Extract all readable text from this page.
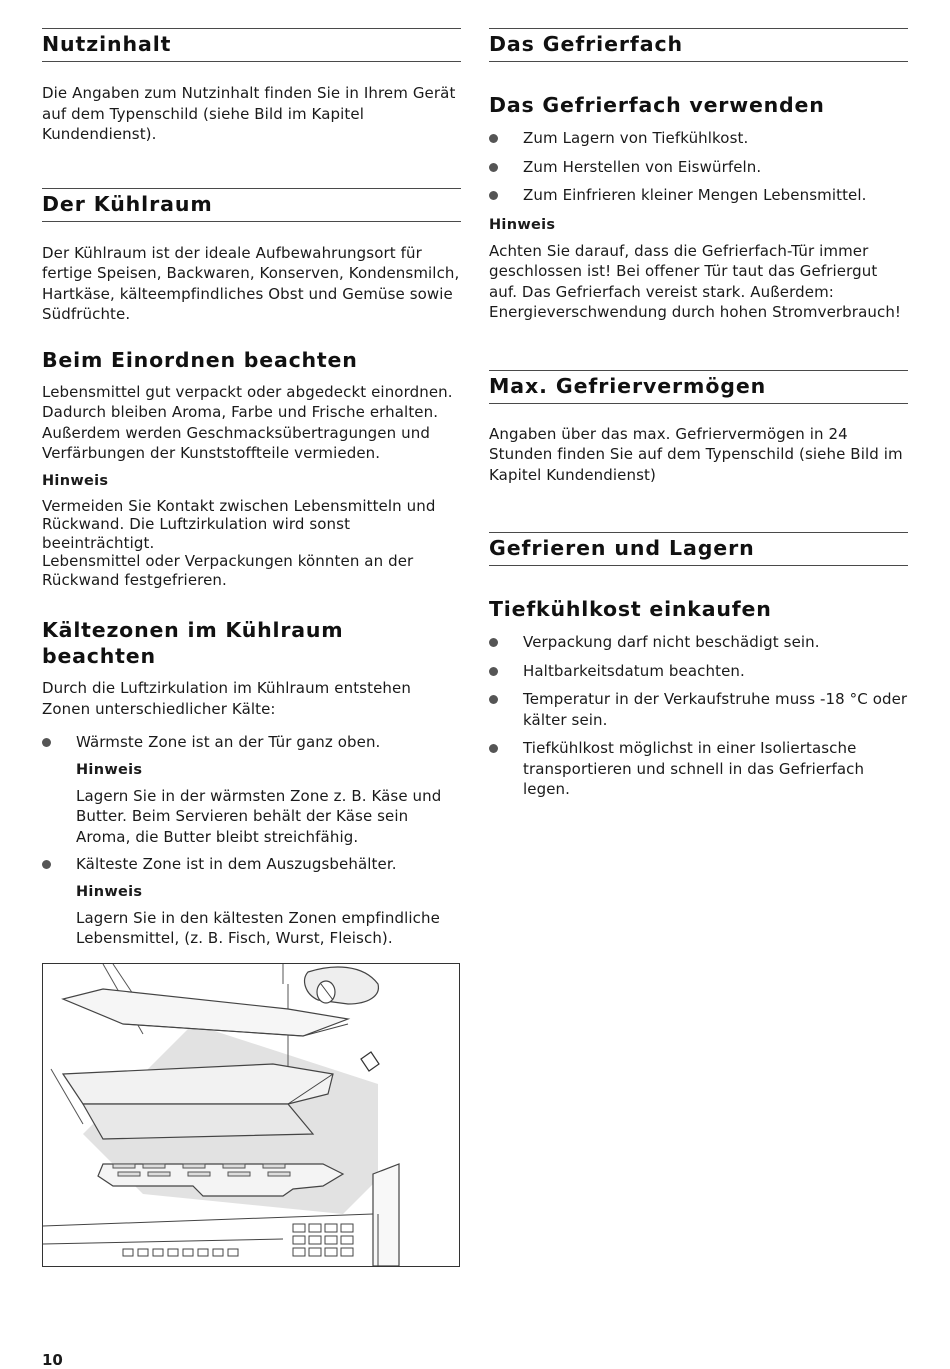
Nutzinhalt

Die Angaben zum Nutzinhalt finden Sie in Ihrem Gerät auf dem Typenschild (siehe Bild im Kapitel Kundendienst).

Der Kühlraum

Der Kühlraum ist der ideale Aufbewahrungsort für fertige Speisen, Backwaren, Konserven, Kondensmilch, Hartkäse, kälteempfindliches Obst und Gemüse sowie Südfrüchte.

Beim Einordnen beachten

Lebensmittel gut verpackt oder abgedeckt einordnen. Dadurch bleiben Aroma, Farbe und Frische erhalten. Außerdem werden Geschmacksübertragungen und Verfärbungen der Kunststoffteile vermieden.

Hinweis

Vermeiden Sie Kontakt zwischen Lebensmitteln und Rückwand. Die Luftzirkulation wird sonst beeinträchtigt.

Lebensmittel oder Verpackungen könnten an der Rückwand festgefrieren.

Kältezonen im Kühlraum beachten

Durch die Luftzirkulation im Kühlraum entstehen Zonen unterschiedlicher Kälte:

Wärmste Zone ist an der Tür ganz oben.

Hinweis

Lagern Sie in der wärmsten Zone z. B. Käse und Butter. Beim Servieren behält der Käse sein Aroma, die Butter bleibt streichfähig.

Kälteste Zone ist in dem Auszugsbehälter.

Hinweis

Lagern Sie in den kältesten Zonen empfindliche Lebensmittel, (z. B. Fisch, Wurst, Fleisch).

Das Gefrierfach
Das Gefrierfach verwenden
Zum Lagern von Tiefkühlkost.
Zum Herstellen von Eiswürfeln.
Zum Einfrieren kleiner Mengen Lebensmittel.

Hinweis

Achten Sie darauf, dass die Gefrierfach-Tür immer geschlossen ist! Bei offener Tür taut das Gefriergut auf. Das Gefrierfach vereist stark. Außerdem: Energieverschwendung durch hohen Stromverbrauch!

Max. Gefriervermögen

Angaben über das max. Gefriervermögen in 24 Stunden finden Sie auf dem Typenschild (siehe Bild im Kapitel Kundendienst)

Gefrieren und Lagern
Tiefkühlkost einkaufen
Verpackung darf nicht beschädigt sein.
Haltbarkeitsdatum beachten.
Temperatur in der Verkaufstruhe muss -18 °C oder kälter sein.
Tiefkühlkost möglichst in einer Isoliertasche transportieren und schnell in das Gefrierfach legen.
10
